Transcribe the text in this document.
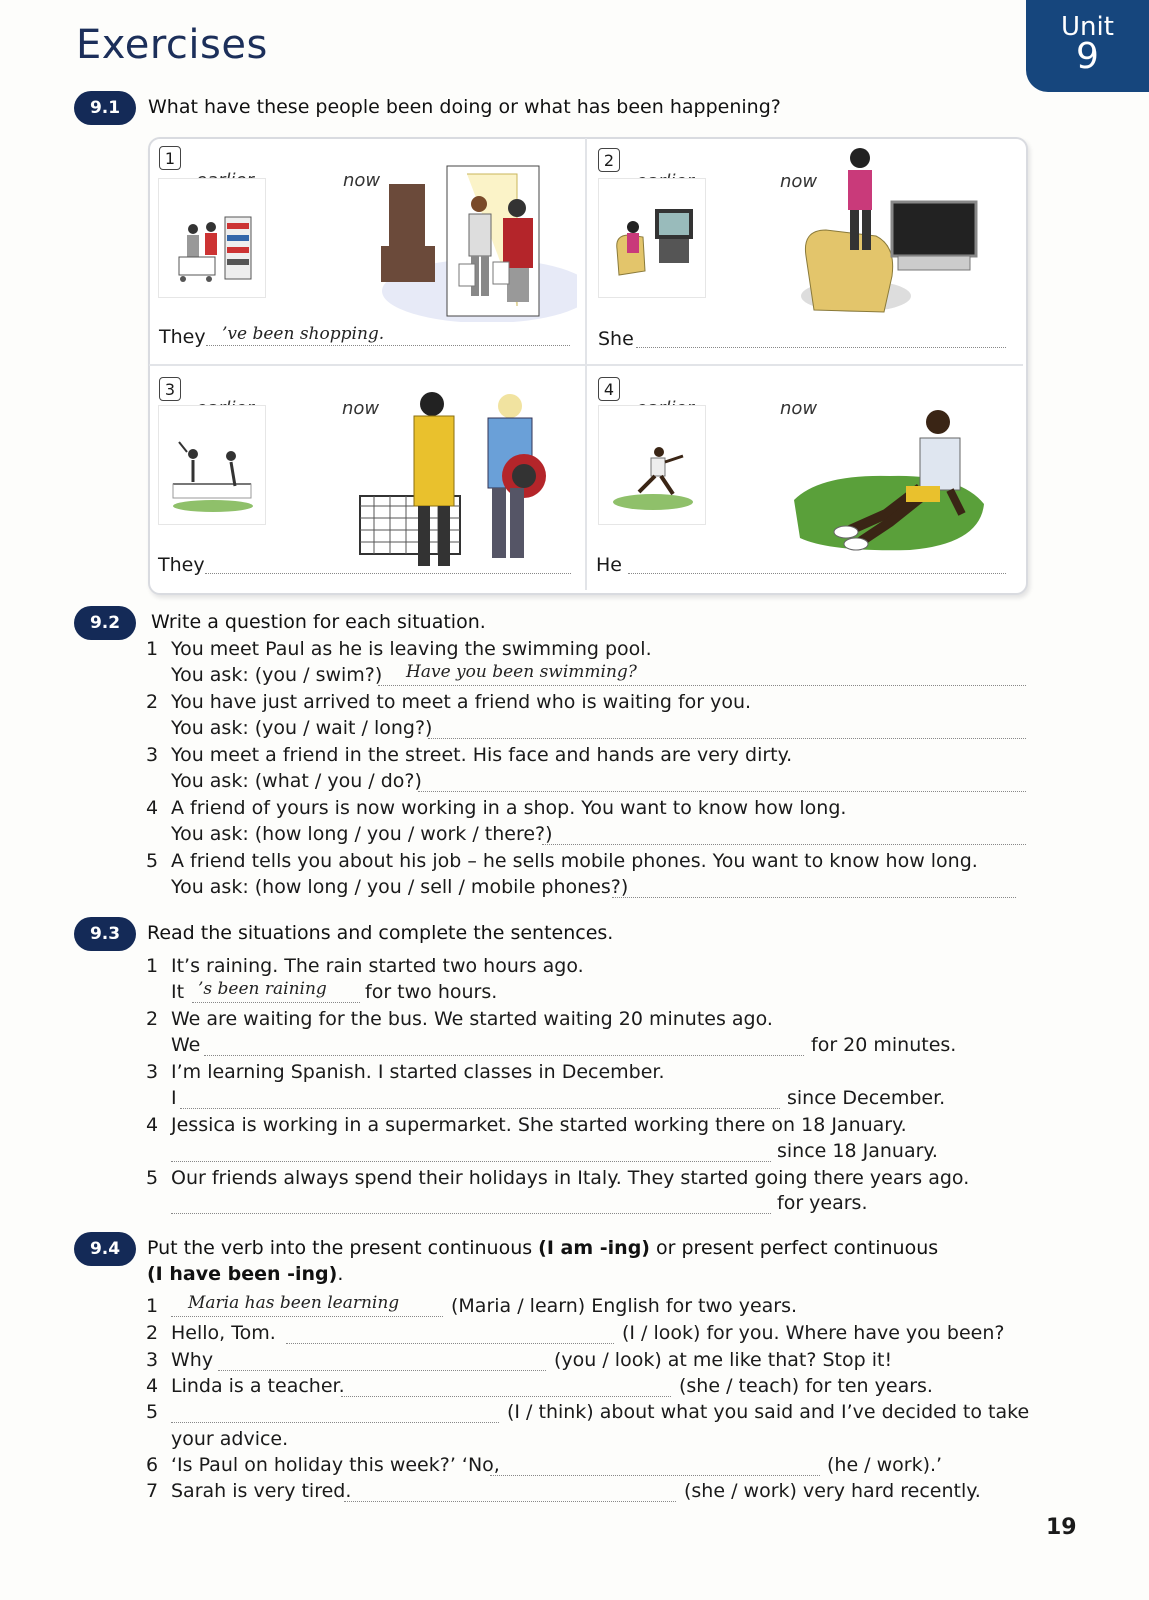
Exercises	Unit
9
9.1	What have these people been doing or what has been happening?
1
now
They ’ve been shopping.
2
now
She
3
now
They
4
now
He
9.2	Write a question for each situation.
1 You meet Paul as he is leaving the swimming pool.
You ask: (you / swim?) Have you been swimming?
2 You have just arrived to meet a friend who is waiting for you.
You ask: (you / wait / long?)
3 You meet a friend in the street. His face and hands are very dirty.
You ask: (what / you / do?)
4 A friend of yours is now working in a shop. You want to know how long.
You ask: (how long / you / work / there?)
5 A friend tells you about his job – he sells mobile phones. You want to know how long.
You ask: (how long / you / sell / mobile phones?)
9.3	Read the situations and complete the sentences.
1 It’s raining. The rain started two hours ago.
It ’s been raining for two hours.
2 We are waiting for the bus. We started waiting 20 minutes ago.
We	for 20 minutes.
3 I’m learning Spanish. I started classes in December.
I	since December.
4 Jessica is working in a supermarket. She started working there on 18 January.
since 18 January.
5 Our friends always spend their holidays in Italy. They started going there years ago.
for years.
9.4	Put the verb into the present continuous (I am -ing) or present perfect continuous
(I have been -ing).
1 Maria has been learning	(Maria / learn) English for two years.
2 Hello, Tom.	(I / look) for you. Where have you been?
3 Why	(you / look) at me like that? Stop it!
4 Linda is a teacher.	(she / teach) for ten years.
5	(I / think) about what you said and I’ve decided to take
your advice.
6 ‘Is Paul on holiday this week?’ ‘No,	(he / work).’
7 Sarah is very tired.	(she / work) very hard recently.
19
